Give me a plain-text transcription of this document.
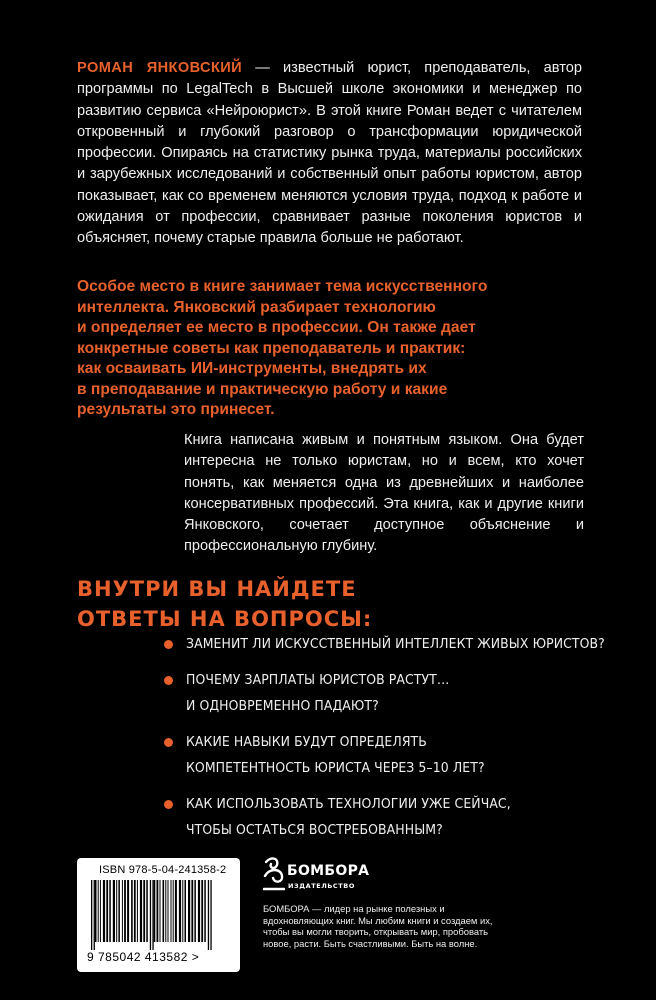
РОМАН ЯНКОВСКИЙ — известный юрист, преподаватель, автор программы по LegalTech в Высшей школе экономики и менеджер по развитию сервиса «Нейроюрист». В этой книге Роман ведет с читателем откровенный и глубокий разговор о трансформации юридической профессии. Опираясь на статистику рынка труда, материалы российских и зарубежных исследований и собственный опыт работы юристом, автор показывает, как со временем меняются условия труда, подход к работе и ожидания от профессии, сравнивает разные поколения юристов и объясняет, почему старые правила больше не работают.

Особое место в книге занимает тема искусственного
интеллекта. Янковский разбирает технологию
и определяет ее место в профессии. Он также дает
конкретные советы как преподаватель и практик:
как осваивать ИИ-инструменты, внедрять их
в преподавание и практическую работу и какие
результаты это принесет.

Книга написана живым и понятным языком. Она будет интересна не только юристам, но и всем, кто хочет понять, как меняется одна из древнейших и наиболее консервативных профессий. Эта книга, как и другие книги Янковского, сочетает доступное объяснение и профессиональную глубину.

ВНУТРИ ВЫ НАЙДЕТЕ
ОТВЕТЫ НА ВОПРОСЫ:
ЗАМЕНИТ ЛИ ИСКУССТВЕННЫЙ ИНТЕЛЛЕКТ ЖИВЫХ ЮРИСТОВ?
ПОЧЕМУ ЗАРПЛАТЫ ЮРИСТОВ РАСТУТ…
И ОДНОВРЕМЕННО ПАДАЮТ?
КАКИЕ НАВЫКИ БУДУТ ОПРЕДЕЛЯТЬ
КОМПЕТЕНТНОСТЬ ЮРИСТА ЧЕРЕЗ 5–10 ЛЕТ?
КАК ИСПОЛЬЗОВАТЬ ТЕХНОЛОГИИ УЖЕ СЕЙЧАС,
ЧТОБЫ ОСТАТЬСЯ ВОСТРЕБОВАННЫМ?
ISBN 978-5-04-241358-2
9 785042 413582 >
БОМБОРА
ИЗДАТЕЛЬСТВО

БОМБОРА — лидер на рынке полезных и вдохновляющих книг. Мы любим книги и создаем их, чтобы вы могли творить, открывать мир, пробовать новое, расти. Быть счастливыми. Быть на волне.
